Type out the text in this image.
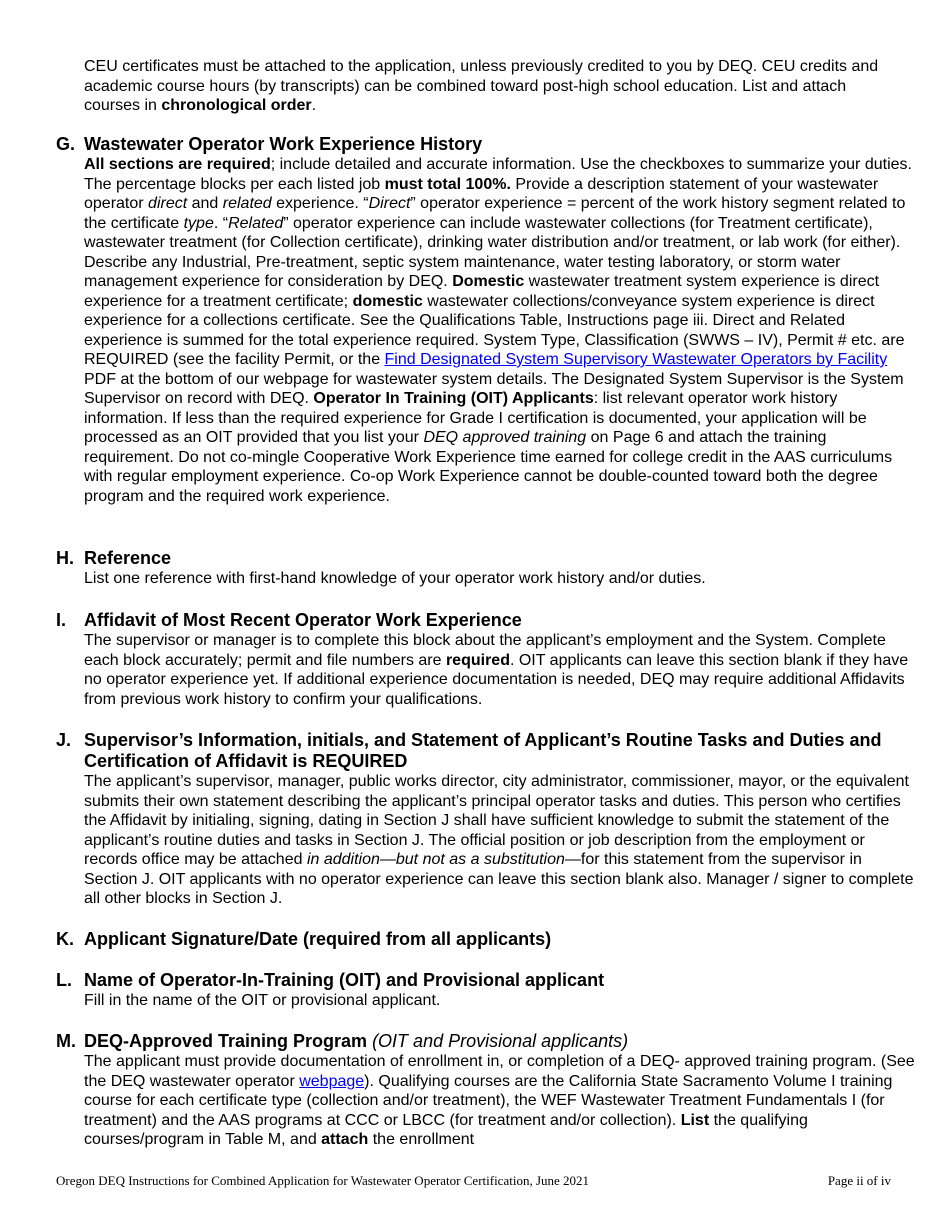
CEU certificates must be attached to the application, unless previously credited to you by DEQ. CEU credits and academic course hours (by transcripts) can be combined toward post-high school education. List and attach courses in chronological order.
G. Wastewater Operator Work Experience History
All sections are required; include detailed and accurate information. Use the checkboxes to summarize your duties. The percentage blocks per each listed job must total 100%. Provide a description statement of your wastewater operator direct and related experience. “Direct” operator experience = percent of the work history segment related to the certificate type. “Related” operator experience can include wastewater collections (for Treatment certificate), wastewater treatment (for Collection certificate), drinking water distribution and/or treatment, or lab work (for either). Describe any Industrial, Pre-treatment, septic system maintenance, water testing laboratory, or storm water management experience for consideration by DEQ. Domestic wastewater treatment system experience is direct experience for a treatment certificate; domestic wastewater collections/conveyance system experience is direct experience for a collections certificate. See the Qualifications Table, Instructions page iii. Direct and Related experience is summed for the total experience required. System Type, Classification (SWWS – IV), Permit # etc. are REQUIRED (see the facility Permit, or the Find Designated System Supervisory Wastewater Operators by Facility PDF at the bottom of our webpage for wastewater system details. The Designated System Supervisor is the System Supervisor on record with DEQ. Operator In Training (OIT) Applicants: list relevant operator work history information. If less than the required experience for Grade I certification is documented, your application will be processed as an OIT provided that you list your DEQ approved training on Page 6 and attach the training requirement. Do not co-mingle Cooperative Work Experience time earned for college credit in the AAS curriculums with regular employment experience. Co-op Work Experience cannot be double-counted toward both the degree program and the required work experience.
H. Reference
List one reference with first-hand knowledge of your operator work history and/or duties.
I. Affidavit of Most Recent Operator Work Experience
The supervisor or manager is to complete this block about the applicant’s employment and the System. Complete each block accurately; permit and file numbers are required. OIT applicants can leave this section blank if they have no operator experience yet. If additional experience documentation is needed, DEQ may require additional Affidavits from previous work history to confirm your qualifications.
J. Supervisor’s Information, initials, and Statement of Applicant’s Routine Tasks and Duties and Certification of Affidavit is REQUIRED
The applicant’s supervisor, manager, public works director, city administrator, commissioner, mayor, or the equivalent submits their own statement describing the applicant’s principal operator tasks and duties. This person who certifies the Affidavit by initialing, signing, dating in Section J shall have sufficient knowledge to submit the statement of the applicant’s routine duties and tasks in Section J. The official position or job description from the employment or records office may be attached in addition—but not as a substitution—for this statement from the supervisor in Section J. OIT applicants with no operator experience can leave this section blank also. Manager / signer to complete all other blocks in Section J.
K. Applicant Signature/Date (required from all applicants)
L. Name of Operator-In-Training (OIT) and Provisional applicant
Fill in the name of the OIT or provisional applicant.
M. DEQ-Approved Training Program (OIT and Provisional applicants)
The applicant must provide documentation of enrollment in, or completion of a DEQ- approved training program. (See the DEQ wastewater operator webpage). Qualifying courses are the California State Sacramento Volume I training course for each certificate type (collection and/or treatment), the WEF Wastewater Treatment Fundamentals I (for treatment) and the AAS programs at CCC or LBCC (for treatment and/or collection). List the qualifying courses/program in Table M, and attach the enrollment
Oregon DEQ Instructions for Combined Application for Wastewater Operator Certification, June 2021	Page ii of iv
